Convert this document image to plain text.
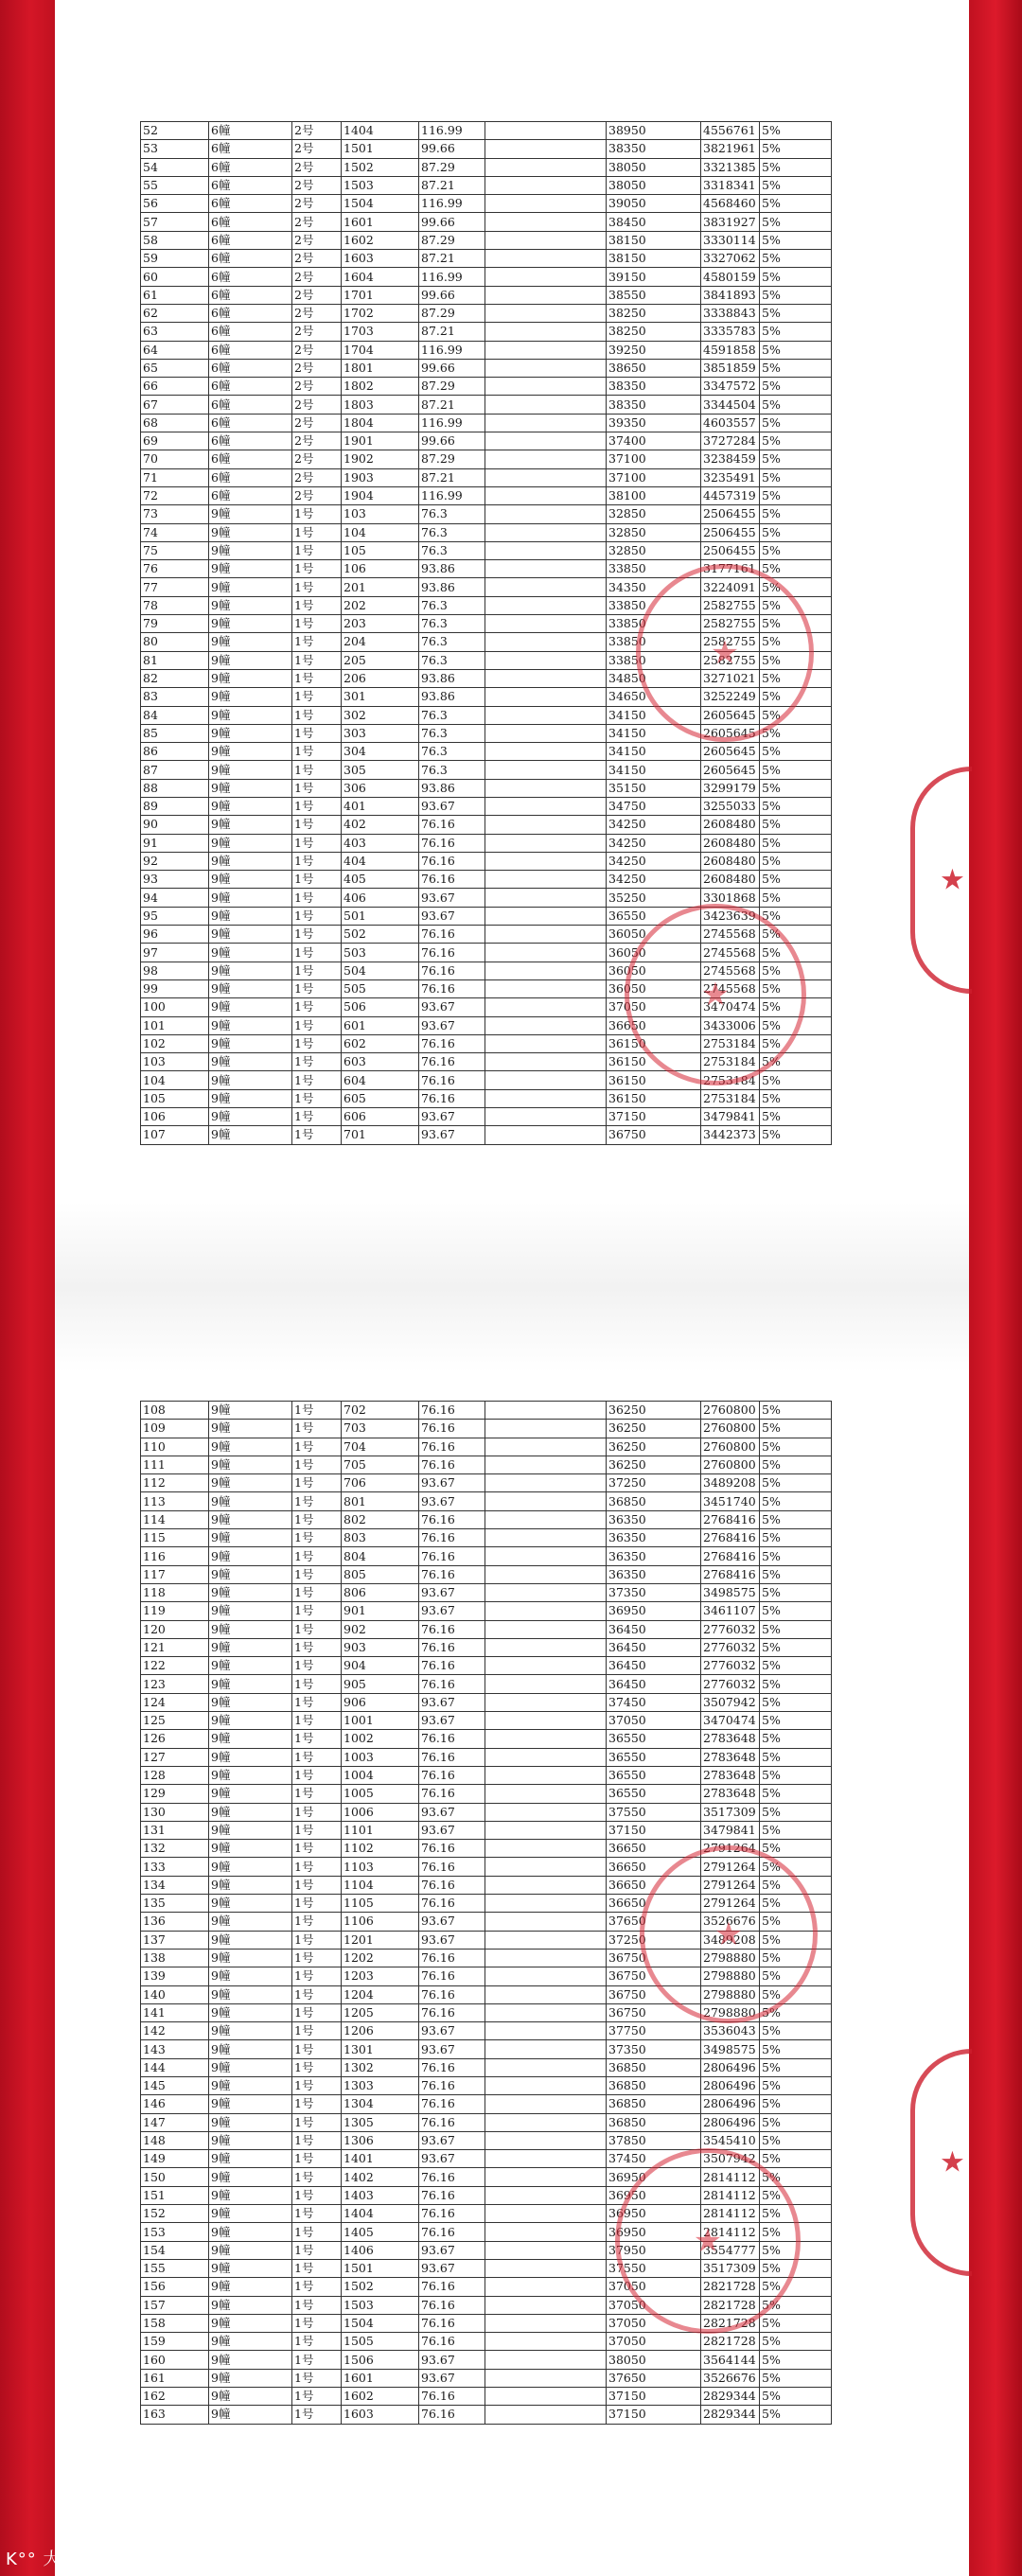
52	6幢	2号	1404	116.99		38950	4556761	5%	
53	6幢	2号	1501	99.66		38350	3821961	5%	
54	6幢	2号	1502	87.29		38050	3321385	5%	
55	6幢	2号	1503	87.21		38050	3318341	5%	
56	6幢	2号	1504	116.99		39050	4568460	5%	
57	6幢	2号	1601	99.66		38450	3831927	5%	
58	6幢	2号	1602	87.29		38150	3330114	5%	
59	6幢	2号	1603	87.21		38150	3327062	5%	
60	6幢	2号	1604	116.99		39150	4580159	5%	
61	6幢	2号	1701	99.66		38550	3841893	5%	
62	6幢	2号	1702	87.29		38250	3338843	5%	
63	6幢	2号	1703	87.21		38250	3335783	5%	
64	6幢	2号	1704	116.99		39250	4591858	5%	
65	6幢	2号	1801	99.66		38650	3851859	5%	
66	6幢	2号	1802	87.29		38350	3347572	5%	
67	6幢	2号	1803	87.21		38350	3344504	5%	
68	6幢	2号	1804	116.99		39350	4603557	5%	
69	6幢	2号	1901	99.66		37400	3727284	5%	
70	6幢	2号	1902	87.29		37100	3238459	5%	
71	6幢	2号	1903	87.21		37100	3235491	5%	
72	6幢	2号	1904	116.99		38100	4457319	5%	
73	9幢	1号	103	76.3		32850	2506455	5%	
74	9幢	1号	104	76.3		32850	2506455	5%	
75	9幢	1号	105	76.3		32850	2506455	5%	
76	9幢	1号	106	93.86		33850	3177161	5%	
77	9幢	1号	201	93.86		34350	3224091	5%	
78	9幢	1号	202	76.3		33850	2582755	5%	
79	9幢	1号	203	76.3		33850	2582755	5%	
80	9幢	1号	204	76.3		33850	2582755	5%	
81	9幢	1号	205	76.3		33850	2582755	5%	
82	9幢	1号	206	93.86		34850	3271021	5%	
83	9幢	1号	301	93.86		34650	3252249	5%	
84	9幢	1号	302	76.3		34150	2605645	5%	
85	9幢	1号	303	76.3		34150	2605645	5%	
86	9幢	1号	304	76.3		34150	2605645	5%	
87	9幢	1号	305	76.3		34150	2605645	5%	
88	9幢	1号	306	93.86		35150	3299179	5%	
89	9幢	1号	401	93.67		34750	3255033	5%	
90	9幢	1号	402	76.16		34250	2608480	5%	
91	9幢	1号	403	76.16		34250	2608480	5%	
92	9幢	1号	404	76.16		34250	2608480	5%	
93	9幢	1号	405	76.16		34250	2608480	5%	
94	9幢	1号	406	93.67		35250	3301868	5%	
95	9幢	1号	501	93.67		36550	3423639	5%	
96	9幢	1号	502	76.16		36050	2745568	5%	
97	9幢	1号	503	76.16		36050	2745568	5%	
98	9幢	1号	504	76.16		36050	2745568	5%	
99	9幢	1号	505	76.16		36050	2745568	5%	
100	9幢	1号	506	93.67		37050	3470474	5%	
101	9幢	1号	601	93.67		36650	3433006	5%	
102	9幢	1号	602	76.16		36150	2753184	5%	
103	9幢	1号	603	76.16		36150	2753184	5%	
104	9幢	1号	604	76.16		36150	2753184	5%	
105	9幢	1号	605	76.16		36150	2753184	5%	
106	9幢	1号	606	93.67		37150	3479841	5%	
107	9幢	1号	701	93.67		36750	3442373	5%	
108	9幢	1号	702	76.16		36250	2760800	5%	
109	9幢	1号	703	76.16		36250	2760800	5%	
110	9幢	1号	704	76.16		36250	2760800	5%	
111	9幢	1号	705	76.16		36250	2760800	5%	
112	9幢	1号	706	93.67		37250	3489208	5%	
113	9幢	1号	801	93.67		36850	3451740	5%	
114	9幢	1号	802	76.16		36350	2768416	5%	
115	9幢	1号	803	76.16		36350	2768416	5%	
116	9幢	1号	804	76.16		36350	2768416	5%	
117	9幢	1号	805	76.16		36350	2768416	5%	
118	9幢	1号	806	93.67		37350	3498575	5%	
119	9幢	1号	901	93.67		36950	3461107	5%	
120	9幢	1号	902	76.16		36450	2776032	5%	
121	9幢	1号	903	76.16		36450	2776032	5%	
122	9幢	1号	904	76.16		36450	2776032	5%	
123	9幢	1号	905	76.16		36450	2776032	5%	
124	9幢	1号	906	93.67		37450	3507942	5%	
125	9幢	1号	1001	93.67		37050	3470474	5%	
126	9幢	1号	1002	76.16		36550	2783648	5%	
127	9幢	1号	1003	76.16		36550	2783648	5%	
128	9幢	1号	1004	76.16		36550	2783648	5%	
129	9幢	1号	1005	76.16		36550	2783648	5%	
130	9幢	1号	1006	93.67		37550	3517309	5%	
131	9幢	1号	1101	93.67		37150	3479841	5%	
132	9幢	1号	1102	76.16		36650	2791264	5%	
133	9幢	1号	1103	76.16		36650	2791264	5%	
134	9幢	1号	1104	76.16		36650	2791264	5%	
135	9幢	1号	1105	76.16		36650	2791264	5%	
136	9幢	1号	1106	93.67		37650	3526676	5%	
137	9幢	1号	1201	93.67		37250	3489208	5%	
138	9幢	1号	1202	76.16		36750	2798880	5%	
139	9幢	1号	1203	76.16		36750	2798880	5%	
140	9幢	1号	1204	76.16		36750	2798880	5%	
141	9幢	1号	1205	76.16		36750	2798880	5%	
142	9幢	1号	1206	93.67		37750	3536043	5%	
143	9幢	1号	1301	93.67		37350	3498575	5%	
144	9幢	1号	1302	76.16		36850	2806496	5%	
145	9幢	1号	1303	76.16		36850	2806496	5%	
146	9幢	1号	1304	76.16		36850	2806496	5%	
147	9幢	1号	1305	76.16		36850	2806496	5%	
148	9幢	1号	1306	93.67		37850	3545410	5%	
149	9幢	1号	1401	93.67		37450	3507942	5%	
150	9幢	1号	1402	76.16		36950	2814112	5%	
151	9幢	1号	1403	76.16		36950	2814112	5%	
152	9幢	1号	1404	76.16		36950	2814112	5%	
153	9幢	1号	1405	76.16		36950	2814112	5%	
154	9幢	1号	1406	93.67		37950	3554777	5%	
155	9幢	1号	1501	93.67		37550	3517309	5%	
156	9幢	1号	1502	76.16		37050	2821728	5%	
157	9幢	1号	1503	76.16		37050	2821728	5%	
158	9幢	1号	1504	76.16		37050	2821728	5%	
159	9幢	1号	1505	76.16		37050	2821728	5%	
160	9幢	1号	1506	93.67		38050	3564144	5%	
161	9幢	1号	1601	93.67		37650	3526676	5%	
162	9幢	1号	1602	76.16		37150	2829344	5%	
163	9幢	1号	1603	76.16		37150	2829344	5%	
★
★
★
★
★
★
K°° 大数跨境
